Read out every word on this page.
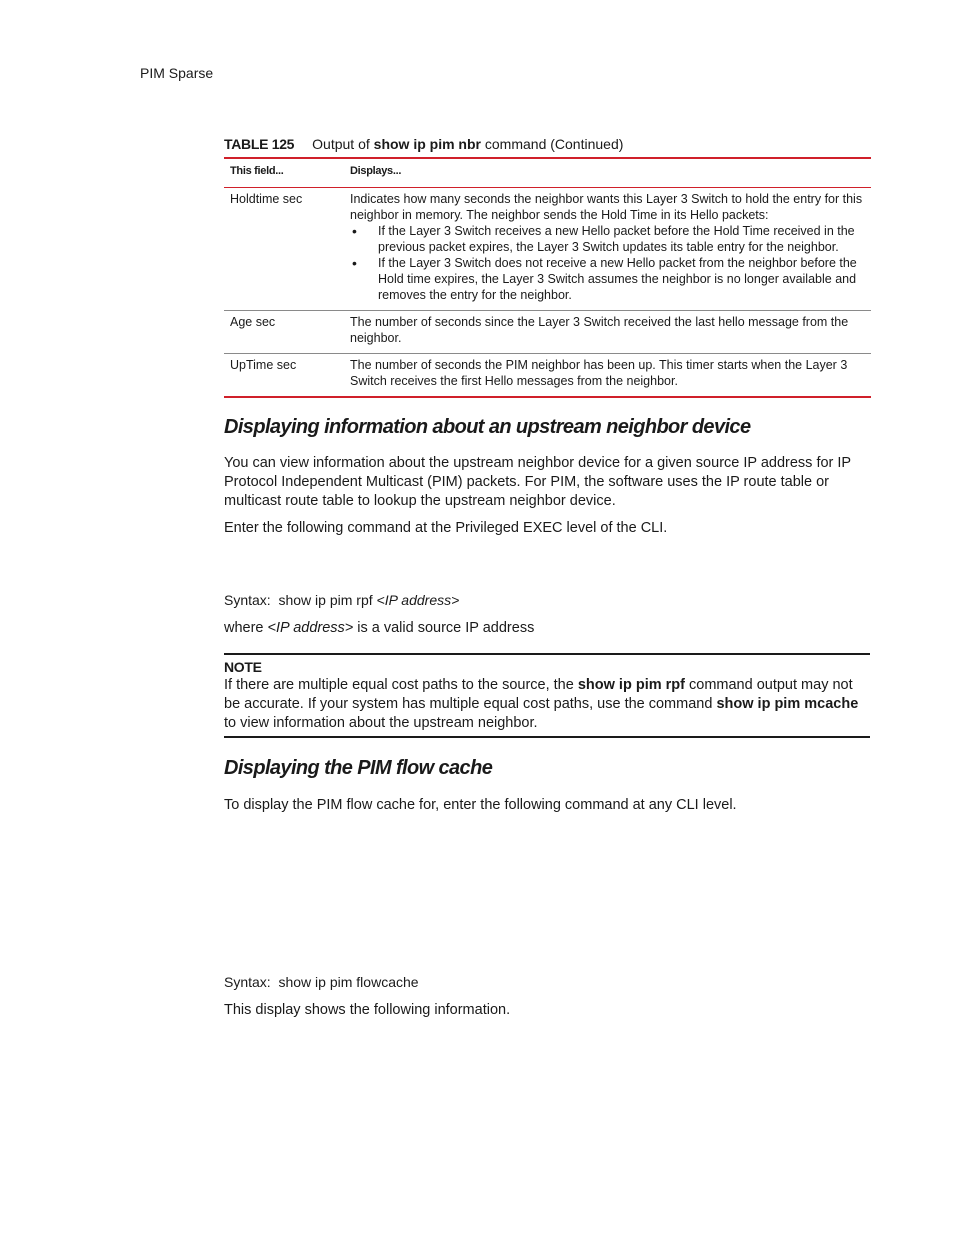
PIM Sparse
TABLE 125 Output of show ip pim nbr command (Continued)
This field...	Displays...
Holdtime sec	Indicates how many seconds the neighbor wants this Layer 3 Switch to hold the entry for this neighbor in memory. The neighbor sends the Hold Time in its Hello packets:
•	If the Layer 3 Switch receives a new Hello packet before the Hold Time received in the previous packet expires, the Layer 3 Switch updates its table entry for the neighbor.
•	If the Layer 3 Switch does not receive a new Hello packet from the neighbor before the Hold time expires, the Layer 3 Switch assumes the neighbor is no longer available and removes the entry for the neighbor.
Age sec	The number of seconds since the Layer 3 Switch received the last hello message from the neighbor.
UpTime sec	The number of seconds the PIM neighbor has been up. This timer starts when the Layer 3 Switch receives the first Hello messages from the neighbor.
Displaying information about an upstream neighbor device
You can view information about the upstream neighbor device for a given source IP address for IP Protocol Independent Multicast (PIM) packets. For PIM, the software uses the IP route table or multicast route table to lookup the upstream neighbor device.
Enter the following command at the Privileged EXEC level of the CLI.
Syntax: show ip pim rpf <IP address>
where <IP address> is a valid source IP address
NOTE
If there are multiple equal cost paths to the source, the show ip pim rpf command output may not be accurate. If your system has multiple equal cost paths, use the command show ip pim mcache to view information about the upstream neighbor.
Displaying the PIM flow cache
To display the PIM flow cache for, enter the following command at any CLI level.
Syntax: show ip pim flowcache
This display shows the following information.
